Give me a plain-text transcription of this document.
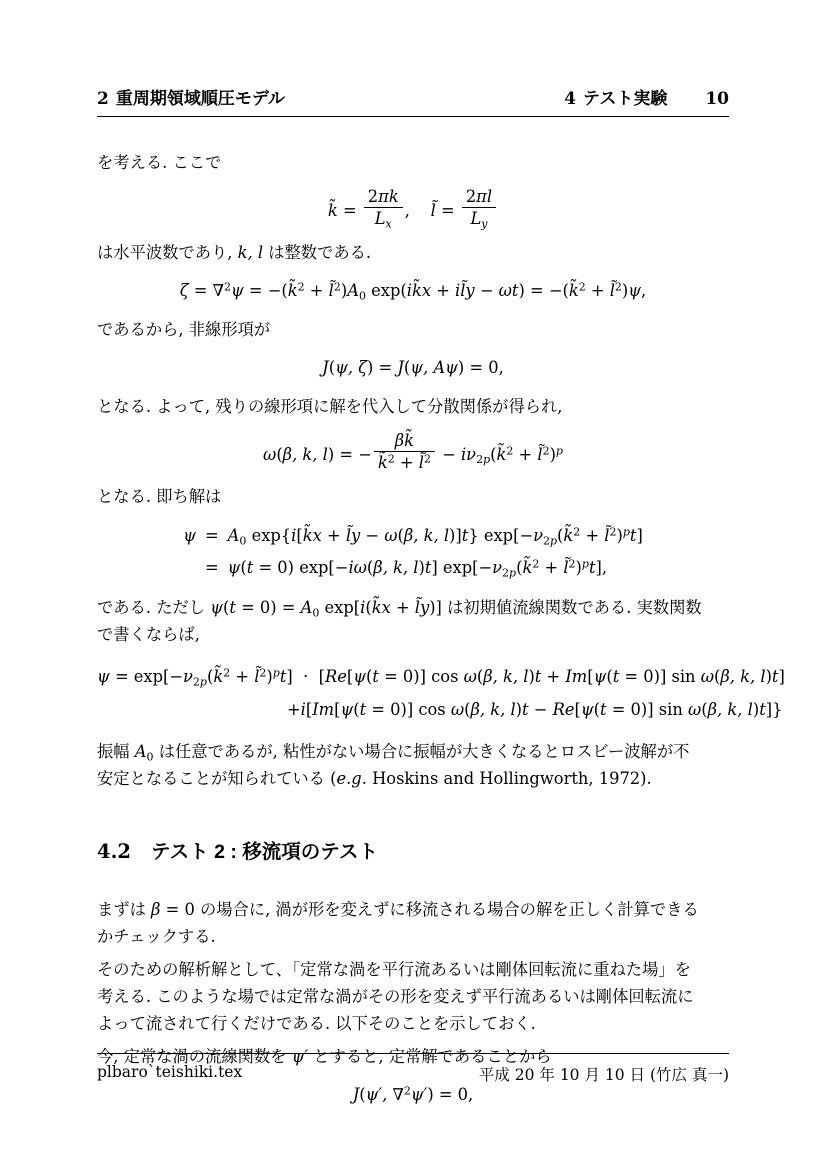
2 重周期領域順圧モデル	4 テスト実験 10
を考える. ここで
k̃ = $\frac{2\pi k}{L_x}$ ,    l̃ = $\frac{2\pi l}{L_y}$
は水平波数であり, k, l は整数である.
ζ = ∇$^2$ψ = −(k̃$^2$ + $l̃^2)A_0$ exp(ik̃x + il̃y − ωt) = −(k̃$^2$ + l̃$^2$)ψ,
であるから, 非線形項が
J(ψ, ζ) = J(ψ, Aψ) = 0,
となる. よって, 残りの線形項に解を代入して分散関係が得られ,
ω(β, k, l) = − $\frac{\beta k̃}{k̃^2 + l̃^2}$ − $i\nu_{2p}(k̃^2$ + l̃$^2$)$^p$
となる. 即ち解は
ψ	=	$A_0$ exp{i[k̃x + l̃y − ω(β, k, l)]t} $\exp[-\nu_{2p}(k̃^2$ + l̃$^2$)$^p$t]
	=	ψ(t = 0) exp[−iω(β, k, l)t] $\exp[-\nu_{2p}(k̃^2$ + l̃$^2$)$^p$t],
である. ただし $\psi(t = 0) = A_0$ exp[i(k̃x + l̃y)] は初期値流線関数である. 実数関数
で書くならば,
$\psi = \exp[-\nu_{2p}(k̃^2$ + l̃$^2$)$^p$t]  ·  [Re[ψ(t = 0)] cos ω(β, k, l)t + Im[ψ(t = 0)] sin ω(β, k, l)t]
+i[Im[ψ(t = 0)] cos ω(β, k, l)t − Re[ψ(t = 0)] sin ω(β, k, l)t]}
振幅 $A_0$ は任意であるが, 粘性がない場合に振幅が大きくなるとロスビー波解が不
安定となることが知られている (e.g. Hoskins and Hollingworth, 1972).
4.2 テスト 2 : 移流項のテスト
まずは β = 0 の場合に, 渦が形を変えずに移流される場合の解を正しく計算できる
かチェックする.
そのための解析解として、「定常な渦を平行流あるいは剛体回転流に重ねた場」を
考える. このような場では定常な渦がその形を変えず平行流あるいは剛体回転流に
よって流されて行くだけである. 以下そのことを示しておく.
今, 定常な渦の流線関数を ψ′ とすると, 定常解であることから
J(ψ′, ∇$^2$ψ′) = 0,
plbaro`teishiki.tex	平成 20 年 10 月 10 日 (竹広 真一)
